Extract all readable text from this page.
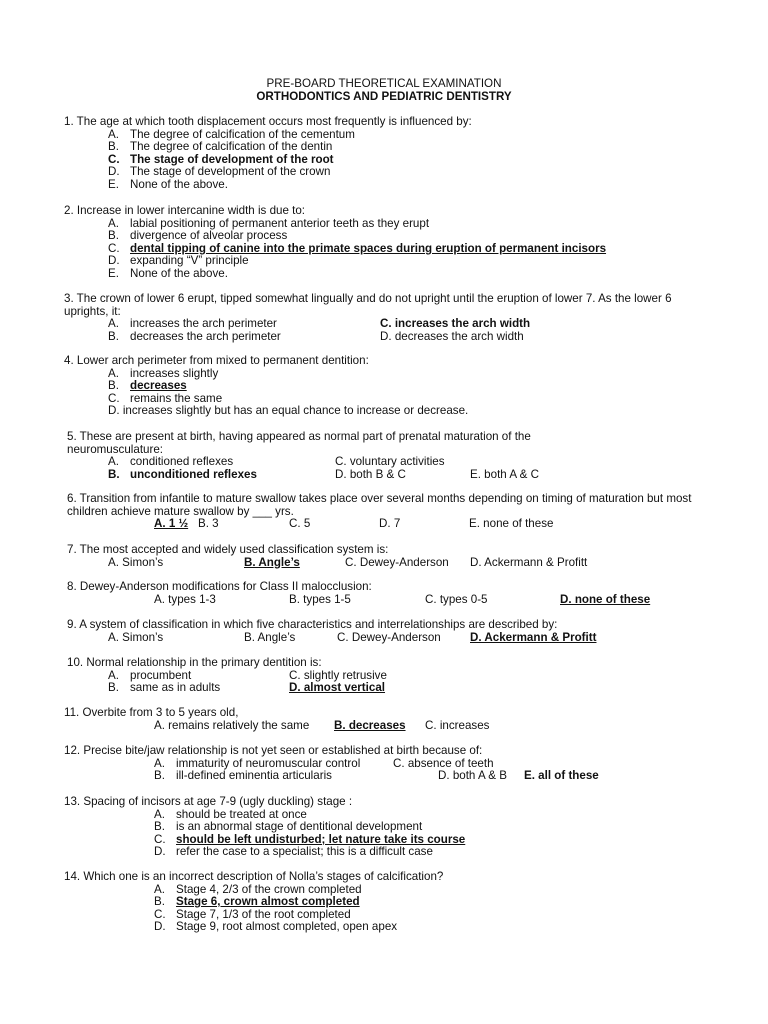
PRE-BOARD THEORETICAL EXAMINATION
ORTHODONTICS AND PEDIATRIC DENTISTRY
1. The age at which tooth displacement occurs most frequently is influenced by:
A. The degree of calcification of the cementum
B. The degree of calcification of the dentin
C. The stage of development of the root
D. The stage of development of the crown
E. None of the above.
2. Increase in lower intercanine width is due to:
A. labial positioning of permanent anterior teeth as they erupt
B. divergence of alveolar process
C. dental tipping of canine into the primate spaces during eruption of permanent incisors
D. expanding “V” principle
E. None of the above.
3. The crown of lower 6 erupt, tipped somewhat lingually and do not upright until the eruption of lower 7. As the lower 6 uprights, it:
A. increases the arch perimeter	C. increases the arch width
B. decreases the arch perimeter	D. decreases the arch width
4. Lower arch perimeter from mixed to permanent dentition:
A. increases slightly
B. decreases
C. remains the same
D. increases slightly but has an equal chance to increase or decrease.
5. These are present at birth, having appeared as normal part of prenatal maturation of the neuromusculature:
A. conditioned reflexes	C. voluntary activities
B. unconditioned reflexes	D. both B & C	E. both A & C
6. Transition from infantile to mature swallow takes place over several months depending on timing of maturation but most children achieve mature swallow by ___ yrs.
A. 1 ½ B. 3	C. 5	D. 7	E. none of these
7. The most accepted and widely used classification system is:
A. Simon’s	B. Angle’s	C. Dewey-Anderson D. Ackermann & Profitt
8. Dewey-Anderson modifications for Class II malocclusion:
A. types 1-3	B. types 1-5	C. types 0-5	D. none of these
9. A system of classification in which five characteristics and interrelationships are described by:
A. Simon’s	B. Angle’s	C. Dewey-Anderson	D. Ackermann & Profitt
10. Normal relationship in the primary dentition is:
A. procumbent	C. slightly retrusive
B. same as in adults	D. almost vertical
11. Overbite from 3 to 5 years old,
A. remains relatively the same B. decreases C. increases
12. Precise bite/jaw relationship is not yet seen or established at birth because of:
A. immaturity of neuromuscular control	C. absence of teeth
B. ill-defined eminentia articularis	D. both A & B E. all of these
13. Spacing of incisors at age 7-9 (ugly duckling) stage :
A. should be treated at once
B. is an abnormal stage of dentitional development
C. should be left undisturbed; let nature take its course
D. refer the case to a specialist; this is a difficult case
14. Which one is an incorrect description of Nolla’s stages of calcification?
A. Stage 4, 2/3 of the crown completed
B. Stage 6, crown almost completed
C. Stage 7, 1/3 of the root completed
D. Stage 9, root almost completed, open apex
